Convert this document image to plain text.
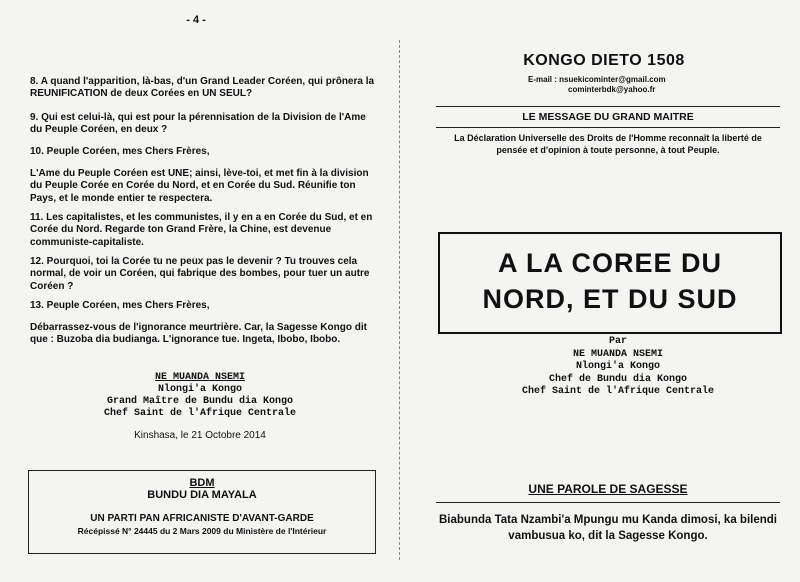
- 4 -
8. A quand l'apparition, là-bas, d'un Grand Leader Coréen, qui prônera la REUNIFICATION de deux Corées en UN SEUL?
9. Qui est celui-là, qui est pour la pérennisation de la Division de l'Ame du Peuple Coréen, en deux ?
10. Peuple Coréen, mes Chers Frères,
L'Ame du Peuple Coréen est UNE; ainsi, lève-toi, et met fin à la division du Peuple Corée en Corée du Nord, et en Corée du Sud. Réunifie ton Pays, et le monde entier te respectera.
11. Les capitalistes, et les communistes, il y en a en Corée du Sud, et en Corée du Nord. Regarde ton Grand Frère, la Chine, est devenue communiste-capitaliste.
12. Pourquoi, toi la Corée tu ne peux pas le devenir ? Tu trouves cela normal, de voir un Coréen, qui fabrique des bombes, pour tuer un autre Coréen ?
13. Peuple Coréen, mes Chers Frères,
Débarrassez-vous de l'ignorance meurtrière. Car, la Sagesse Kongo dit que : Buzoba dia budianga. L'ignorance tue. Ingeta, Ibobo, Ibobo.
NE MUANDA NSEMI
Nlongi'a Kongo
Grand Maître de Bundu dia Kongo
Chef Saint de l'Afrique Centrale
Kinshasa, le 21 Octobre 2014
BDM
BUNDU DIA MAYALA
UN PARTI PAN AFRICANISTE D'AVANT-GARDE
Récépissé N° 24445 du 2 Mars 2009 du Ministère de l'Intérieur
KONGO DIETO 1508
E-mail : nsuekicominter@gmail.com
cominterbdk@yahoo.fr
LE MESSAGE DU GRAND MAITRE
La Déclaration Universelle des Droits de l'Homme reconnaît la liberté de pensée et d'opinion à toute personne, à tout Peuple.
A LA COREE DU
NORD, ET DU SUD
Par
NE MUANDA NSEMI
Nlongi'a Kongo
Chef de Bundu dia Kongo
Chef Saint de l'Afrique Centrale
UNE PAROLE DE SAGESSE
Biabunda Tata Nzambi'a Mpungu mu Kanda dimosi, ka bilendi vambusua ko, dit la Sagesse Kongo.
